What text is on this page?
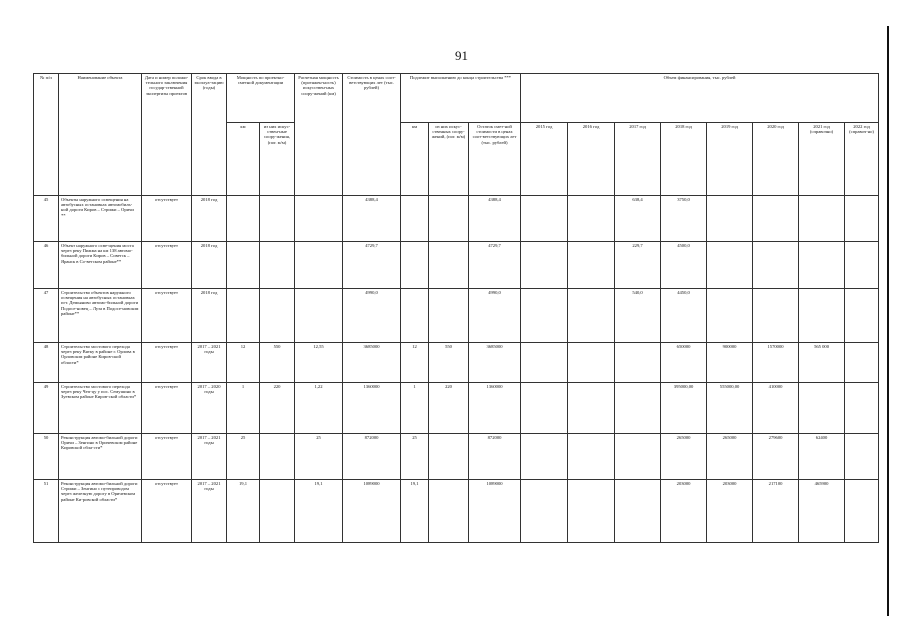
91
№ п/п	Наименование объекта	Дата и номер положи-тельного заключения государ-ственной экспертизы проектов	Срок ввода в эксплуа-тацию (годы)	Мощность по проектно-сметной документации		Расчетная мощность (протяжен-ность) искусствен-ных соору-жений (км)	Стоимость в ценах соот-ветствующих лет (тыс. рублей)	Подлежит выполнению до конца строительства ***			Объем финансирования, тыс. рублей							
				км	из них искус-ствен-ные соору-жения, (пог. м/м)			км	из них искус-ственных соору-жений, (пог. м/м)	Остаток смет-ной стоимости в ценах соот-ветствующих лет (тыс. рублей)	2015 год	2016 год	2017 год	2018 год	2019 год	2020 год	2021 год (справочно)	2022 год (справоч-но)
45	Объекты наружного освещения на автобусных остановках автомобиль-ной дороги Киров – Стрижи – Оричи **	отсутствует	2018 год				4388,4			4388,4			638,4	3750,0				
46	Объект наружного осве-щения моста через реку Пижма на км 138 автомо-бильной дороги Киров – Советск – Яранск в Со-ветском районе**	отсутствует	2018 год				4729,7			4729,7			229,7	4500,0				
47	Строительство объектов наружного освещения на автобусных остановках пгт. Демьяново автомо-бильной дороги Подосе-новец – Луза в Подосе-новском районе**	отсутствует	2018 год				4990,0			4990,0			540,0	4450,0				
48	Строительство мостового перехода через реку Вятку в районе г. Орлова в Орловском районе Киров-ской области*	отсутствует	2017 – 2021 годы	12	550	12,55	3685000	12	550	3685000				650000	900000	1570000	565 000	
49	Строительство мостового перехода через реку Чеп-цу у пос. Семушино в Зуевском районе Киров-ской области*	отсутствует	2017 – 2020 годы	1	220	1,22	1360000	1	220	1360000				395000,00	555000,00	410000		
50	Реконструкция автомо-бильной дороги Оричи – Зенгино в Оричевском районе Кировской обла-сти*	отсутствует	2017 – 2021 годы	25		25	872000	25		872000				265000	265000	279600	62400	
51	Реконструкция автомо-бильной дороги Стрижи – Зенгино с путепроводом через железную дорогу в Оричевском районе Ки-ровской области*	отсутствует	2017 – 2021 годы	19,1		19,1	1089000	19,1		1089000				203000	203000	217100	465900	
